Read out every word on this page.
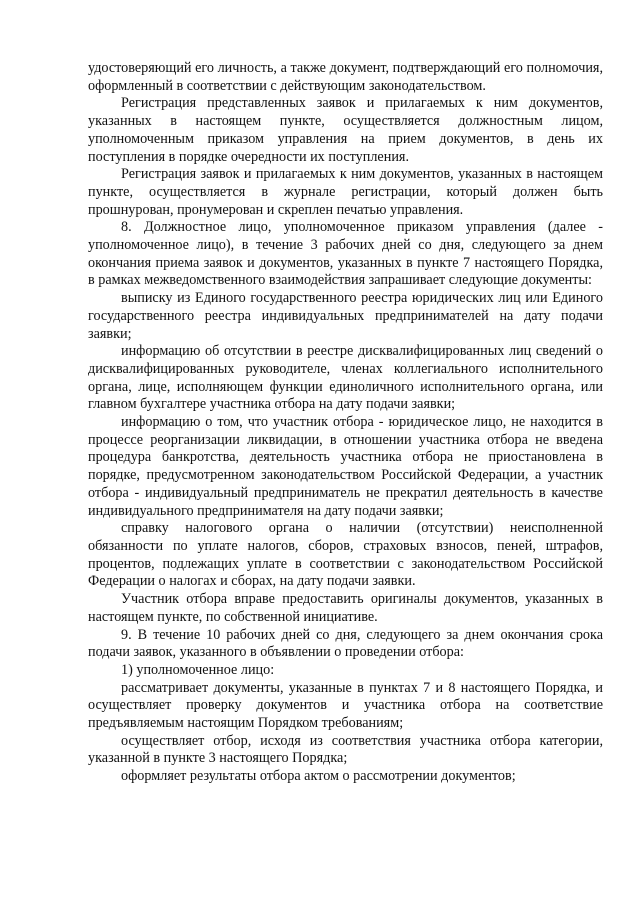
удостоверяющий его личность, а также документ, подтверждающий его полномочия, оформленный в соответствии с действующим законодательством.

Регистрация представленных заявок и прилагаемых к ним документов, указанных в настоящем пункте, осуществляется должностным лицом, уполномоченным приказом управления на прием документов, в день их поступления в порядке очередности их поступления.

Регистрация заявок и прилагаемых к ним документов, указанных в настоящем пункте, осуществляется в журнале регистрации, который должен быть прошнурован, пронумерован и скреплен печатью управления.

8. Должностное лицо, уполномоченное приказом управления (далее - уполномоченное лицо), в течение 3 рабочих дней со дня, следующего за днем окончания приема заявок и документов, указанных в пункте 7 настоящего Порядка, в рамках межведомственного взаимодействия запрашивает следующие документы:

выписку из Единого государственного реестра юридических лиц или Единого государственного реестра индивидуальных предпринимателей на дату подачи заявки;

информацию об отсутствии в реестре дисквалифицированных лиц сведений о дисквалифицированных руководителе, членах коллегиального исполнительного органа, лице, исполняющем функции единоличного исполнительного органа, или главном бухгалтере участника отбора на дату подачи заявки;

информацию о том, что участник отбора - юридическое лицо, не находится в процессе реорганизации ликвидации, в отношении участника отбора не введена процедура банкротства, деятельность участника отбора не приостановлена в порядке, предусмотренном законодательством Российской Федерации, а участник отбора - индивидуальный предприниматель не прекратил деятельность в качестве индивидуального предпринимателя на дату подачи заявки;

справку налогового органа о наличии (отсутствии) неисполненной обязанности по уплате налогов, сборов, страховых взносов, пеней, штрафов, процентов, подлежащих уплате в соответствии с законодательством Российской Федерации о налогах и сборах, на дату подачи заявки.

Участник отбора вправе предоставить оригиналы документов, указанных в настоящем пункте, по собственной инициативе.

9. В течение 10 рабочих дней со дня, следующего за днем окончания срока подачи заявок, указанного в объявлении о проведении отбора:

1) уполномоченное лицо:

рассматривает документы, указанные в пунктах 7 и 8 настоящего Порядка, и осуществляет проверку документов и участника отбора на соответствие предъявляемым настоящим Порядком требованиям;

осуществляет отбор, исходя из соответствия участника отбора категории, указанной в пункте 3 настоящего Порядка;

оформляет результаты отбора актом о рассмотрении документов;
